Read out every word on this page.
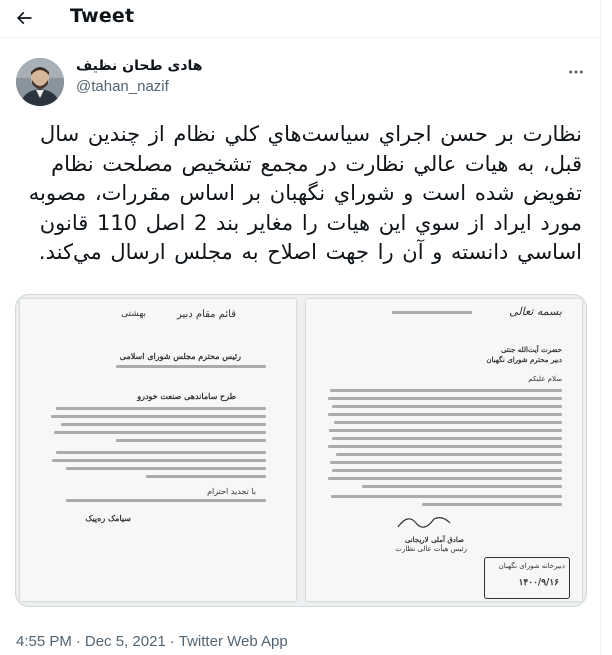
Tweet
هادی طحان نظیف
@tahan_nazif
نظارت بر حسن اجراي سياست‌هاي كلي نظام از چندين سال قبل، به هيات عالي نظارت در مجمع تشخيص مصلحت نظام تفويض شده است و شوراي نگهبان بر اساس مقررات، مصوبه مورد ايراد از سوي اين هيات را مغاير بند 2 اصل 110 قانون اساسي دانسته و آن را جهت اصلاح به مجلس ارسال مي‌كند.
قائم مقام دبیر
بهشتی
رئیس محترم مجلس شورای اسلامی
طرح ساماندهی صنعت خودرو
با تجدید احترام
سیامک ره‌پیک
بسمه تعالی
حضرت آیت‌الله جنتی
دبیر محترم شورای نگهبان
سلام علیکم
صادق آملی لاریجانی
رئیس هیأت عالی نظارت
دبیرخانه شورای نگهبان
۱۴۰۰/۹/۱۶
4:55 PM · Dec 5, 2021 · Twitter Web App
